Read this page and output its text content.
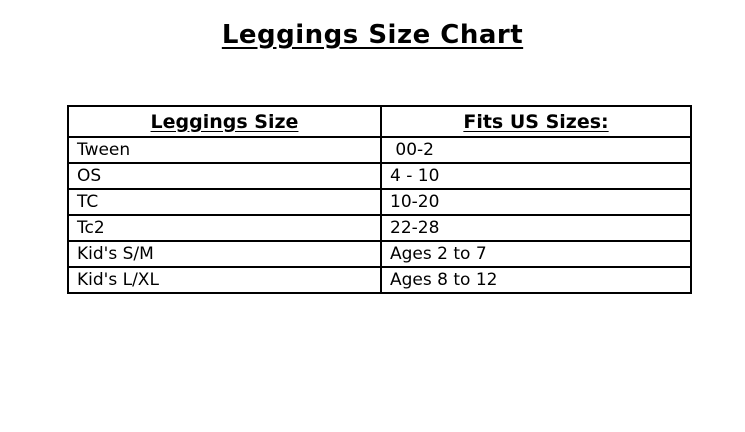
Leggings Size Chart
Leggings Size	Fits US Sizes:
Tween	00-2
OS	4 - 10
TC	10-20
Tc2	22-28
Kid's S/M	Ages 2 to 7
Kid's L/XL	Ages 8 to 12
